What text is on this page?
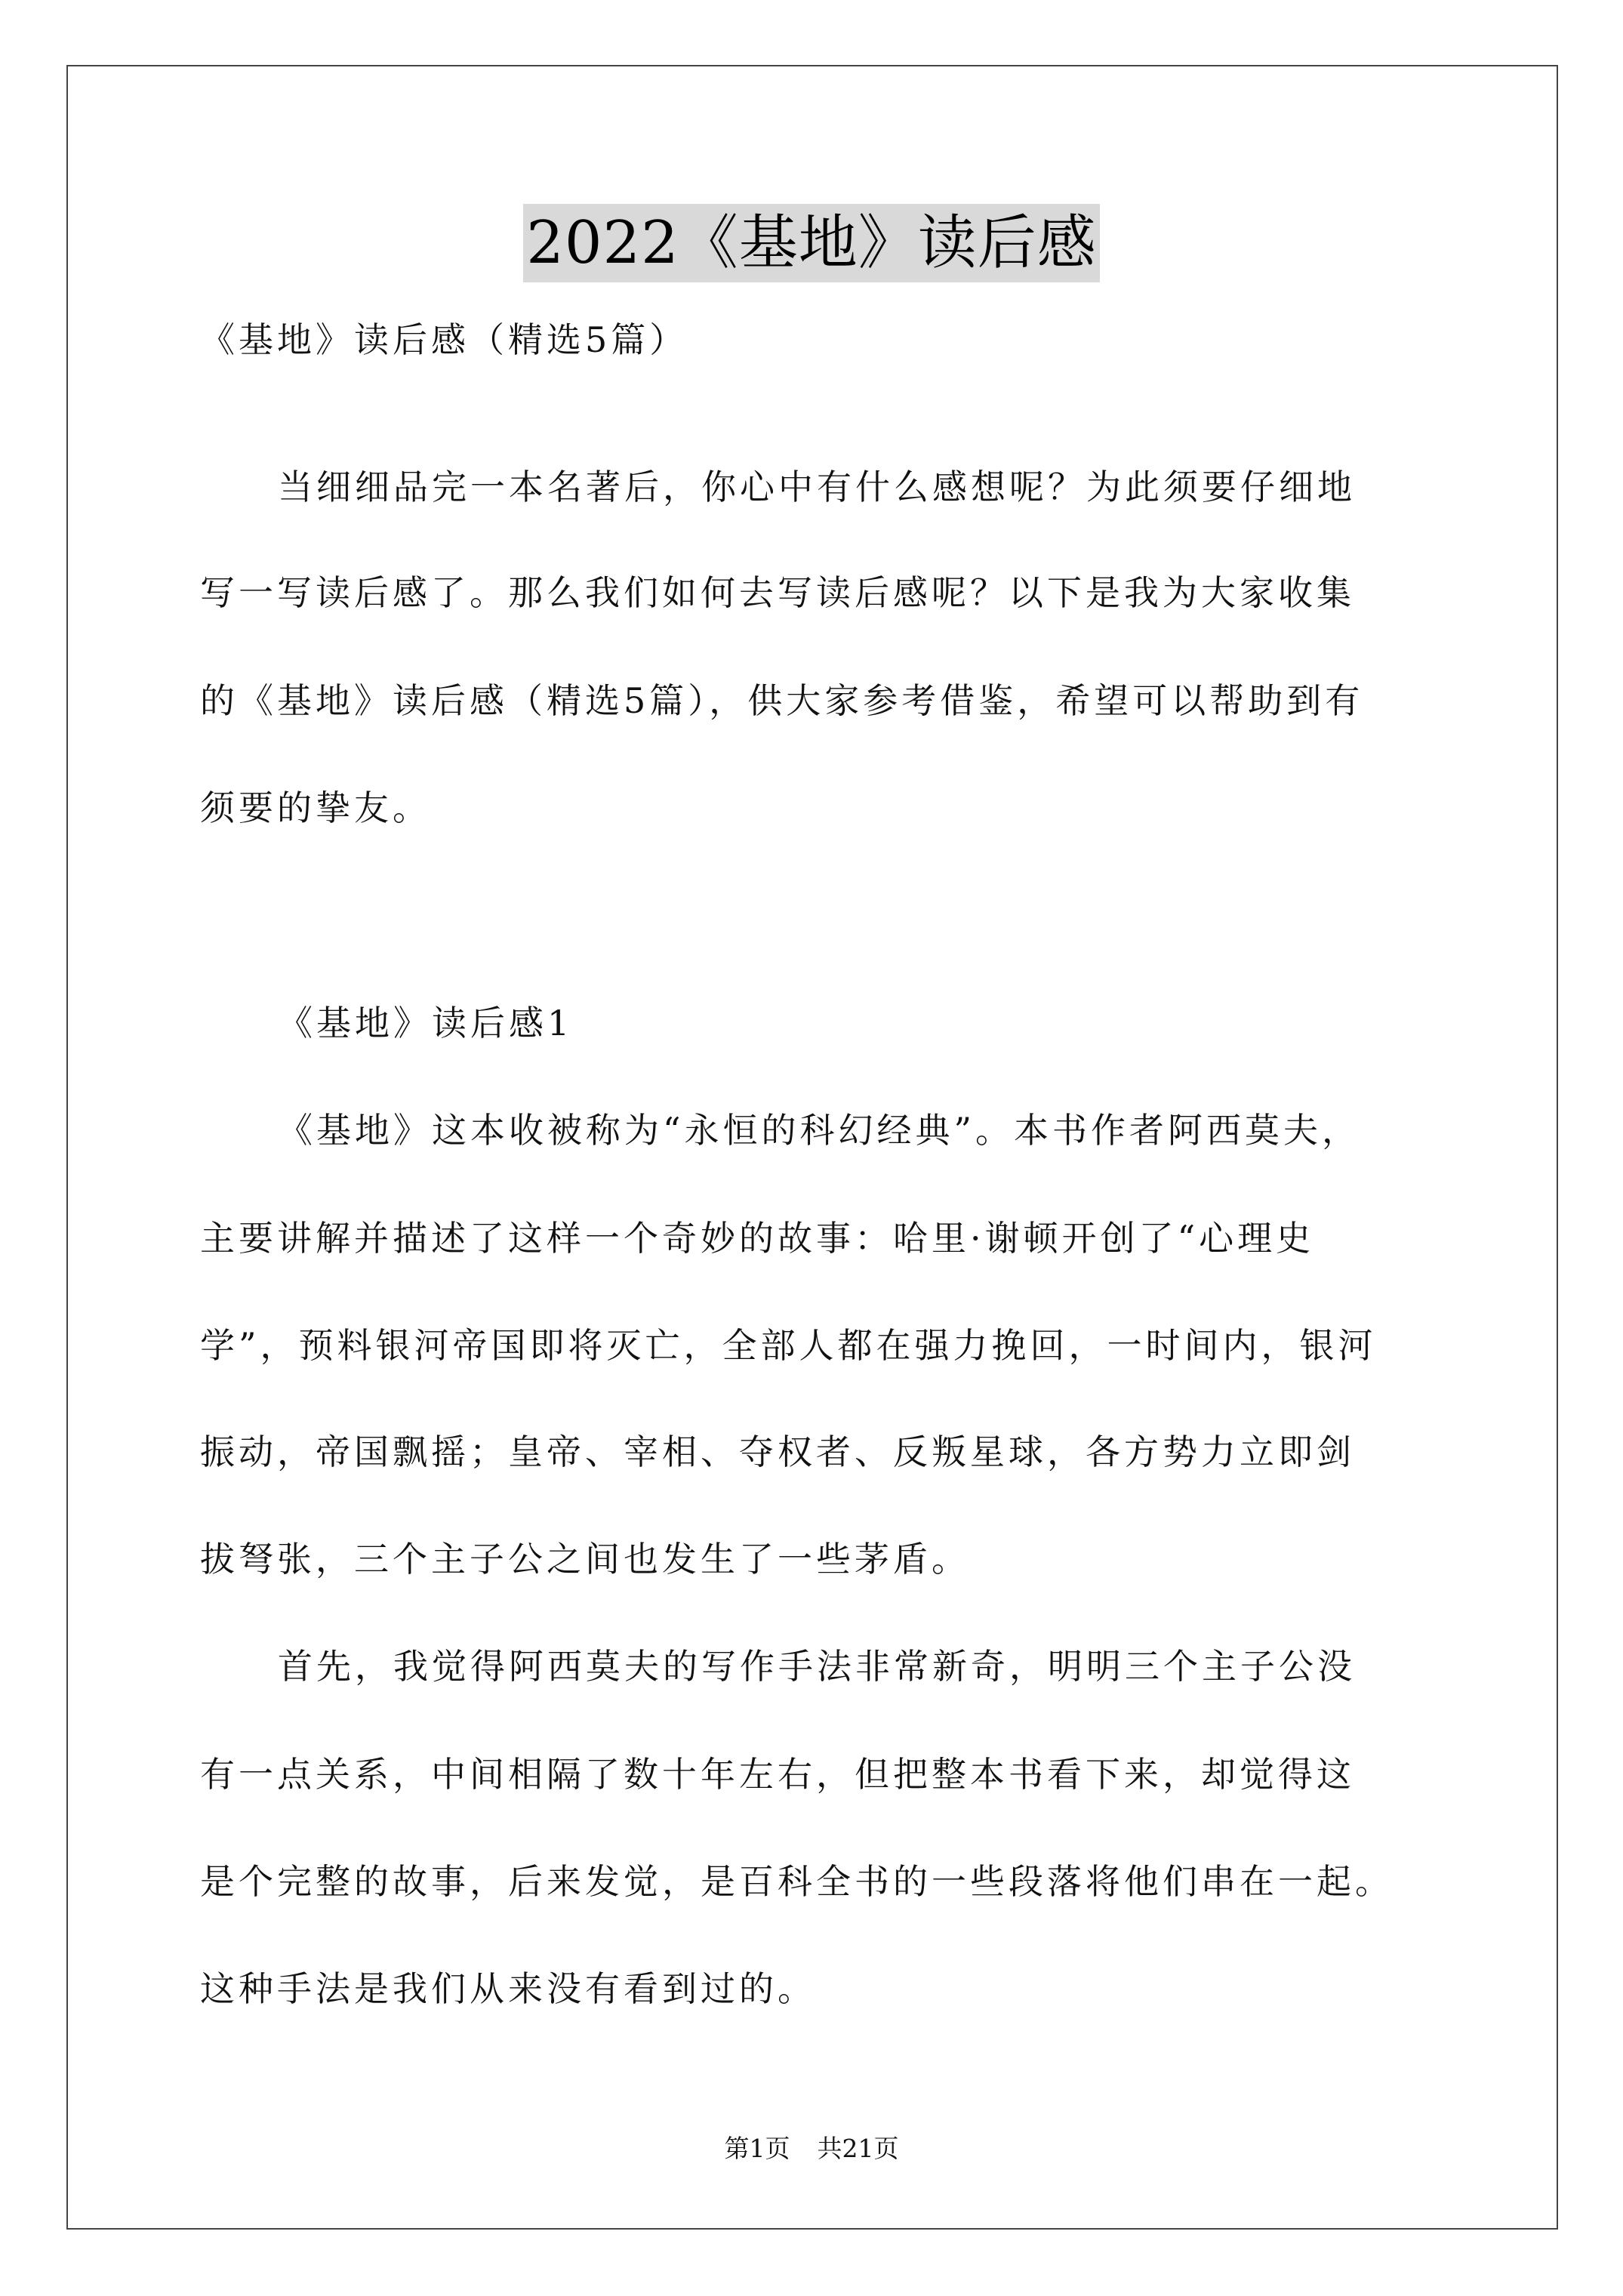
2022《基地》读后感
《基地》读后感（精选5篇）
当细细品完一本名著后，你心中有什么感想呢？为此须要仔细地
写一写读后感了。那么我们如何去写读后感呢？以下是我为大家收集
的《基地》读后感（精选5篇），供大家参考借鉴，希望可以帮助到有
须要的挚友。
《基地》读后感1
《基地》这本收被称为“永恒的科幻经典”。本书作者阿西莫夫，
主要讲解并描述了这样一个奇妙的故事：哈里·谢顿开创了“心理史
学”，预料银河帝国即将灭亡，全部人都在强力挽回，一时间内，银河
振动，帝国飘摇；皇帝、宰相、夺权者、反叛星球，各方势力立即剑
拔弩张，三个主子公之间也发生了一些茅盾。
首先，我觉得阿西莫夫的写作手法非常新奇，明明三个主子公没
有一点关系，中间相隔了数十年左右，但把整本书看下来，却觉得这
是个完整的故事，后来发觉，是百科全书的一些段落将他们串在一起。
这种手法是我们从来没有看到过的。
第1页 共21页
